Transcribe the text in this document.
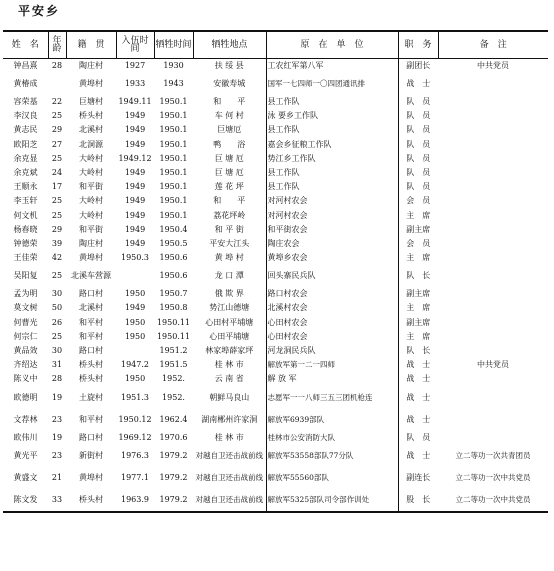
平安乡
姓　名	年龄	籍　贯	入伍时间	牺牲时间	牺牲地点	原　在　单　位	职　务	备　注
钟昌熹	28	陶庄村	1927	1930	扶 绥 县	工农红军第八军	副团长	中共党员
黄椿成		黄埠村	1933	1943	安徽寿城	国军一七四师一〇四团通讯排	战　士	
容荣基	22	巨塘村	1949.11	1950.1	和　　平	县工作队	队　员	
李汉良	25	桥头村	1949	1950.1	车 何 村	泳 要乡工作队	队　员	
黄志民	29	北溪村	1949	1950.1	巨塘厄	县工作队	队　员	
欧阳芝	27	北洞源	1949	1950.1	鸭　　浴	嘉会乡征粮工作队	队　员	
余克显	25	大岭村	1949.12	1950.1	巨 塘 厄	势江乡工作队	队　员	
余克斌	24	大岭村	1949	1950.1	巨 塘 厄	县工作队	队　员	
王顺永	17	和平街	1949	1950.1	莲 花 坪	县工作队	队　员	
李玉轩	25	大岭村	1949	1950.1	和　　平	对河村农会	会　员	
何文机	25	大岭村	1949	1950.1	荔花坪岭	对河村农会	主　席	
杨春晓	29	和平街	1949	1950.4	和 平 街	和平街农会	副主席	
钟德荣	39	陶庄村	1949	1950.5	平安大江头	陶庄农会	会　员	
王佳荣	42	黄埠村	1950.3	1950.6	黄 埠 村	黄埠乡农会	主　席	
吴阳复	25	北溪车营源		1950.6	龙 口 潭	回头寨民兵队	队　长	
孟为明	30	路口村	1950	1950.7	俄 欺 界	路口村农会	副主席	
莫文树	50	北溪村	1949	1950.8	势江山德塘	北溪村农会	主　席	
何曹光	26	和平村	1950	1950.11	心田村平埔塘	心田村农会	副主席	
何宗仁	25	和平村	1950	1950.11	心田平埔塘	心田村农会	主　席	
黄品效	30	路口村		1951.2	林家埠薛家坪	河龙洞民兵队	队　长	
齐绍达	31	桥头村	1947.2	1951.5	桂 林 市	解放军第一二一四师	战　士	中共党员
陈义中	28	桥头村	1950	1952.	云 南 省	解 放 军	战　士	
欧德明	19	土旋村	1951.3	1952.	朝鲜马良山	志愿军一一八师三五三团机枪连	战　士	
文荐林	23	和平村	1950.12	1962.4	湖南郴州许家洞	解放军6939部队	战　士	
欧伟川	19	路口村	1969.12	1970.6	桂 林 市	桂林市公安消防大队	队　员	
黄光平	23	新街村	1976.3	1979.2	对越自卫还击战前线	解放军53558部队77分队	战　士	立二等功一次共青团员
黄盛文	21	黄埠村	1977.1	1979.2	对越自卫还击战前线	解放军55560部队	副连长	立二等功一次中共党员
陈文发	33	桥头村	1963.9	1979.2	对越自卫还击战前线	解放军5325部队司令部作训处	股　长	立二等功一次中共党员
